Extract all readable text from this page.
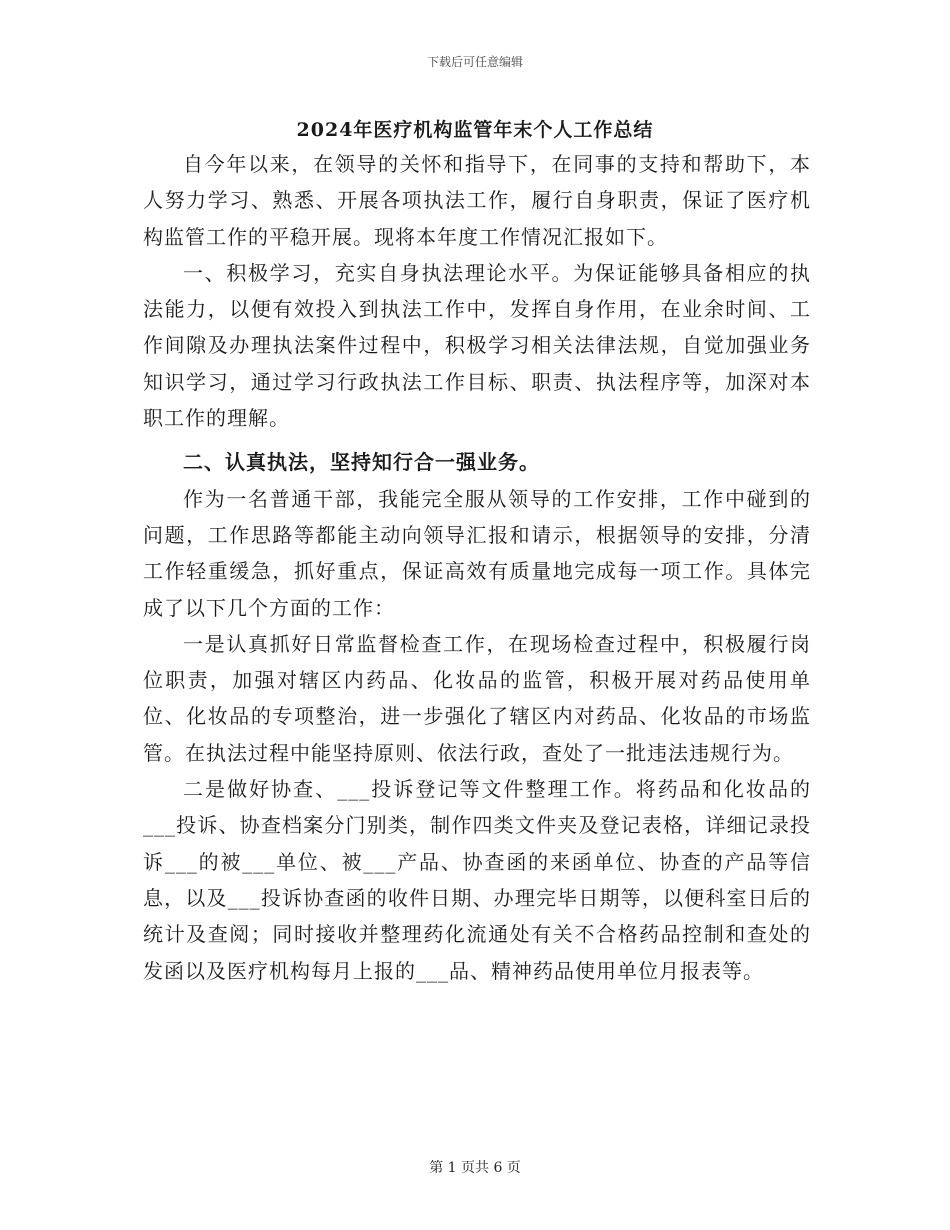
下载后可任意编辑
2024年医疗机构监管年末个人工作总结

自今年以来，在领导的关怀和指导下，在同事的支持和帮助下，本人努力学习、熟悉、开展各项执法工作，履行自身职责，保证了医疗机构监管工作的平稳开展。现将本年度工作情况汇报如下。

一、积极学习，充实自身执法理论水平。为保证能够具备相应的执法能力，以便有效投入到执法工作中，发挥自身作用，在业余时间、工作间隙及办理执法案件过程中，积极学习相关法律法规，自觉加强业务知识学习，通过学习行政执法工作目标、职责、执法程序等，加深对本职工作的理解。

二、认真执法，坚持知行合一强业务。

作为一名普通干部，我能完全服从领导的工作安排，工作中碰到的问题，工作思路等都能主动向领导汇报和请示，根据领导的安排，分清工作轻重缓急，抓好重点，保证高效有质量地完成每一项工作。具体完成了以下几个方面的工作：

一是认真抓好日常监督检查工作，在现场检查过程中，积极履行岗位职责，加强对辖区内药品、化妆品的监管，积极开展对药品使用单位、化妆品的专项整治，进一步强化了辖区内对药品、化妆品的市场监管。在执法过程中能坚持原则、依法行政，查处了一批违法违规行为。

二是做好协查、___投诉登记等文件整理工作。将药品和化妆品的___投诉、协查档案分门别类，制作四类文件夹及登记表格，详细记录投诉___的被___单位、被___产品、协查函的来函单位、协查的产品等信息，以及___投诉协查函的收件日期、办理完毕日期等，以便科室日后的统计及查阅；同时接收并整理药化流通处有关不合格药品控制和查处的发函以及医疗机构每月上报的___品、精神药品使用单位月报表等。

第 1 页共 6 页
